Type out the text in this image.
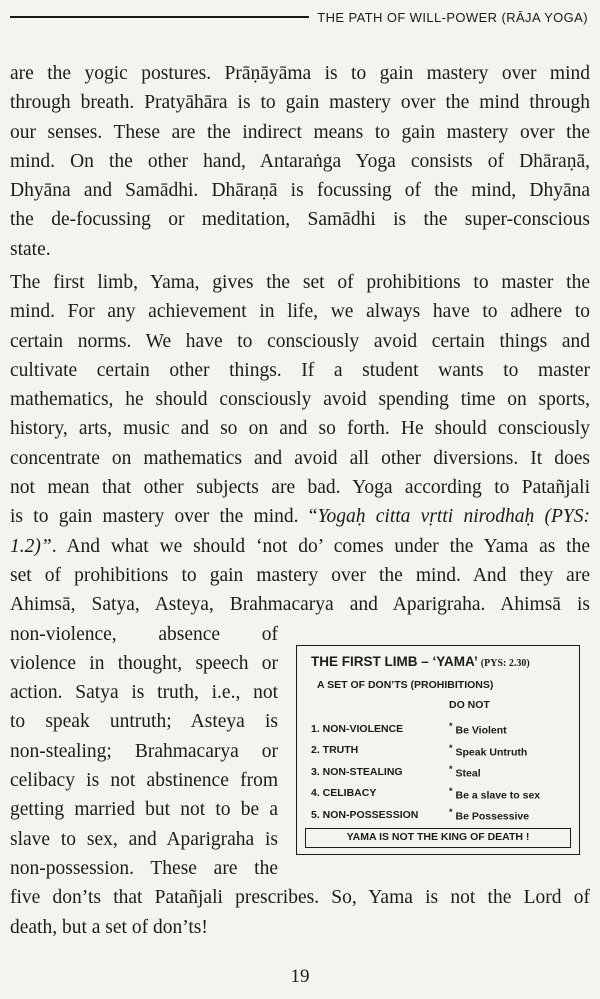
THE PATH OF WILL-POWER (RĀJA YOGA)
are the yogic postures. Prāṇāyāma is to gain mastery over mind
through breath. Pratyāhāra is to gain mastery over the mind through
our senses. These are the indirect means to gain mastery over the
mind. On the other hand, Antaraṅga Yoga consists of Dhāraṇā,
Dhyāna and Samādhi. Dhāraṇā is focussing of the mind, Dhyāna
the de-focussing or meditation, Samādhi is the super-conscious
state.
The first limb, Yama, gives the set of prohibitions to master the
mind. For any achievement in life, we always have to adhere to
certain norms. We have to consciously avoid certain things and
cultivate certain other things. If a student wants to master
mathematics, he should consciously avoid spending time on sports,
history, arts, music and so on and so forth. He should consciously
concentrate on mathematics and avoid all other diversions. It does
not mean that other subjects are bad. Yoga according to Patañjali
is to gain mastery over the mind. “Yogaḥ citta vṛtti nirodhaḥ (PYS:
1.2)”. And what we should ‘not do’ comes under the Yama as the
set of prohibitions to gain mastery over the mind. And they are
Ahimsā, Satya, Asteya, Brahmacarya and Aparigraha. Ahimsā is
non-violence, absence of
violence in thought, speech or
action. Satya is truth, i.e., not
to speak untruth; Asteya is
non-stealing; Brahmacarya or
celibacy is not abstinence from
getting married but not to be a
slave to sex, and Aparigraha is
non-possession. These are the
five don’ts that Patañjali prescribes. So, Yama is not the Lord of
death, but a set of don’ts!
THE FIRST LIMB – ‘YAMA’ (PYS: 2.30)
A SET OF DON’TS (PROHIBITIONS)
DO NOT
1. NON-VIOLENCE	* Be Violent
2. TRUTH	* Speak Untruth
3. NON-STEALING	* Steal
4. CELIBACY	* Be a slave to sex
5. NON-POSSESSION	* Be Possessive
YAMA IS NOT THE KING OF DEATH !
19
